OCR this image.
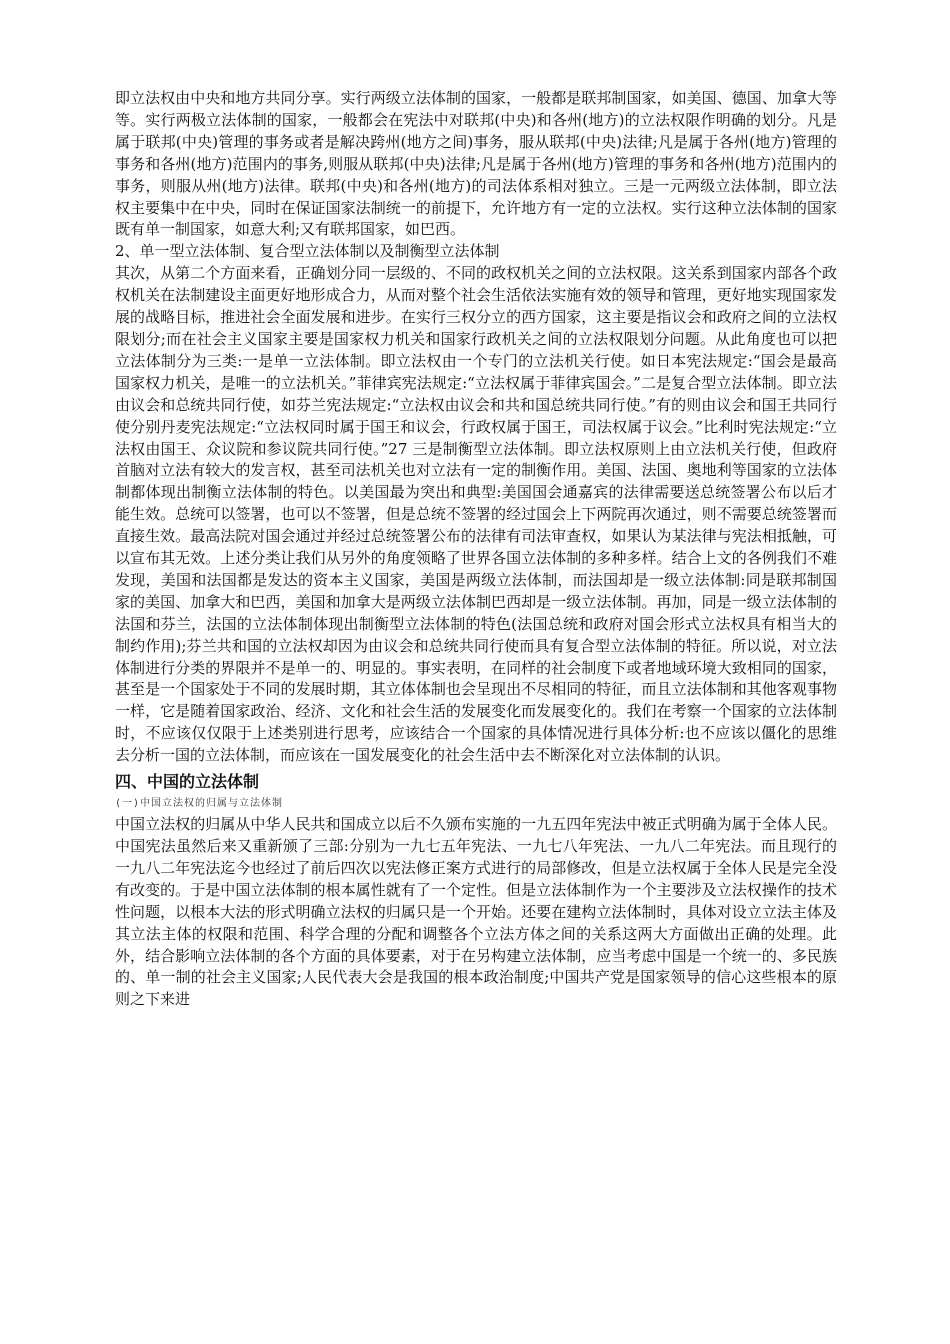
即立法权由中央和地方共同分享。实行两级立法体制的国家，一般都是联邦制国家，如美国、德国、加拿大等等。实行两极立法体制的国家，一般都会在宪法中对联邦(中央)和各州(地方)的立法权限作明确的划分。凡是属于联邦(中央)管理的事务或者是解决跨州(地方之间)事务，服从联邦(中央)法律;凡是属于各州(地方)管理的事务和各州(地方)范围内的事务,则服从联邦(中央)法律;凡是属于各州(地方)管理的事务和各州(地方)范围内的事务，则服从州(地方)法律。联邦(中央)和各州(地方)的司法体系相对独立。三是一元两级立法体制，即立法权主要集中在中央，同时在保证国家法制统一的前提下，允许地方有一定的立法权。实行这种立法体制的国家既有单一制国家，如意大利;又有联邦国家，如巴西。

2、单一型立法体制、复合型立法体制以及制衡型立法体制

其次，从第二个方面来看，正确划分同一层级的、不同的政权机关之间的立法权限。这关系到国家内部各个政权机关在法制建设主面更好地形成合力，从而对整个社会生活依法实施有效的领导和管理，更好地实现国家发展的战略目标，推进社会全面发展和进步。在实行三权分立的西方国家，这主要是指议会和政府之间的立法权限划分;而在社会主义国家主要是国家权力机关和国家行政机关之间的立法权限划分问题。从此角度也可以把立法体制分为三类:一是单一立法体制。即立法权由一个专门的立法机关行使。如日本宪法规定:“国会是最高国家权力机关，是唯一的立法机关。”菲律宾宪法规定:“立法权属于菲律宾国会。”二是复合型立法体制。即立法由议会和总统共同行使，如芬兰宪法规定:“立法权由议会和共和国总统共同行使。”有的则由议会和国王共同行使分别丹麦宪法规定:“立法权同时属于国王和议会，行政权属于国王，司法权属于议会。”比利时宪法规定:“立法权由国王、众议院和参议院共同行使。”27 三是制衡型立法体制。即立法权原则上由立法机关行使，但政府首脑对立法有较大的发言权，甚至司法机关也对立法有一定的制衡作用。美国、法国、奥地利等国家的立法体制都体现出制衡立法体制的特色。以美国最为突出和典型:美国国会通嘉宾的法律需要送总统签署公布以后才能生效。总统可以签署，也可以不签署，但是总统不签署的经过国会上下两院再次通过，则不需要总统签署而直接生效。最高法院对国会通过并经过总统签署公布的法律有司法审查权，如果认为某法律与宪法相抵触，可以宣布其无效。上述分类让我们从另外的角度领略了世界各国立法体制的多种多样。结合上文的各例我们不难发现，美国和法国都是发达的资本主义国家，美国是两级立法体制，而法国却是一级立法体制:同是联邦制国家的美国、加拿大和巴西，美国和加拿大是两级立法体制巴西却是一级立法体制。再加，同是一级立法体制的法国和芬兰，法国的立法体制体现出制衡型立法体制的特色(法国总统和政府对国会形式立法权具有相当大的制约作用);芬兰共和国的立法权却因为由议会和总统共同行使而具有复合型立法体制的特征。所以说，对立法体制进行分类的界限并不是单一的、明显的。事实表明，在同样的社会制度下或者地域环境大致相同的国家，甚至是一个国家处于不同的发展时期，其立体体制也会呈现出不尽相同的特征，而且立法体制和其他客观事物一样，它是随着国家政治、经济、文化和社会生活的发展变化而发展变化的。我们在考察一个国家的立法体制时，不应该仅仅限于上述类别进行思考，应该结合一个国家的具体情况进行具体分析:也不应该以僵化的思维去分析一国的立法体制，而应该在一国发展变化的社会生活中去不断深化对立法体制的认识。

四、中国的立法体制

(一)中国立法权的归属与立法体制

中国立法权的归属从中华人民共和国成立以后不久颁布实施的一九五四年宪法中被正式明确为属于全体人民。中国宪法虽然后来又重新颁了三部:分别为一九七五年宪法、一九七八年宪法、一九八二年宪法。而且现行的一九八二年宪法迄今也经过了前后四次以宪法修正案方式进行的局部修改，但是立法权属于全体人民是完全没有改变的。于是中国立法体制的根本属性就有了一个定性。但是立法体制作为一个主要涉及立法权操作的技术性问题，以根本大法的形式明确立法权的归属只是一个开始。还要在建构立法体制时，具体对设立立法主体及其立法主体的权限和范围、科学合理的分配和调整各个立法方体之间的关系这两大方面做出正确的处理。此外，结合影响立法体制的各个方面的具体要素，对于在另构建立法体制，应当考虑中国是一个统一的、多民族的、单一制的社会主义国家;人民代表大会是我国的根本政治制度;中国共产党是国家领导的信心这些根本的原则之下来进
